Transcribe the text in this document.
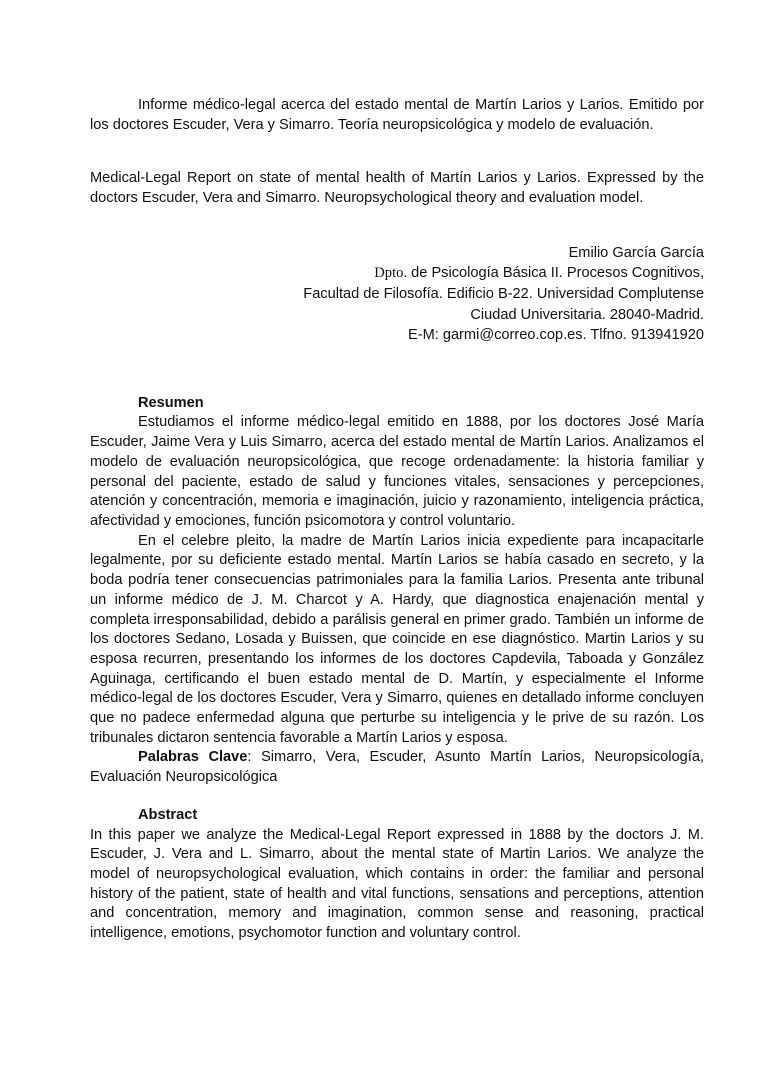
Informe médico-legal acerca del estado mental de Martín Larios y Larios. Emitido por los doctores Escuder, Vera y Simarro. Teoría neuropsicológica y modelo de evaluación.

Medical-Legal Report on state of mental health of Martín Larios y Larios. Expressed by the doctors Escuder, Vera and Simarro. Neuropsychological theory and evaluation model.

Emilio García García
Dpto. de Psicología Básica II. Procesos Cognitivos,
Facultad de Filosofía. Edificio B-22. Universidad Complutense
Ciudad Universitaria. 28040-Madrid.
E-M: garmi@correo.cop.es. Tlfno. 913941920
Resumen

Estudiamos el informe médico-legal emitido en 1888, por los doctores José María Escuder, Jaime Vera y Luis Simarro, acerca del estado mental de Martín Larios. Analizamos el modelo de evaluación neuropsicológica, que recoge ordenadamente: la historia familiar y personal del paciente, estado de salud y funciones vitales, sensaciones y percepciones, atención y concentración, memoria e imaginación, juicio y razonamiento, inteligencia práctica, afectividad y emociones, función psicomotora y control voluntario.

En el celebre pleito, la madre de Martín Larios inicia expediente para incapacitarle legalmente, por su deficiente estado mental. Martín Larios se había casado en secreto, y la boda podría tener consecuencias patrimoniales para la familia Larios. Presenta ante tribunal un informe médico de J. M. Charcot y A. Hardy, que diagnostica enajenación mental y completa irresponsabilidad, debido a parálisis general en primer grado. También un informe de los doctores Sedano, Losada y Buissen, que coincide en ese diagnóstico. Martin Larios y su esposa recurren, presentando los informes de los doctores Capdevila, Taboada y González Aguinaga, certificando el buen estado mental de D. Martín, y especialmente el Informe médico-legal de los doctores Escuder, Vera y Simarro, quienes en detallado informe concluyen que no padece enfermedad alguna que perturbe su inteligencia y le prive de su razón. Los tribunales dictaron sentencia favorable a Martín Larios y esposa.

Palabras Clave: Simarro, Vera, Escuder, Asunto Martín Larios, Neuropsicología, Evaluación Neuropsicológica

Abstract

In this paper we analyze the Medical-Legal Report expressed in 1888 by the doctors J. M. Escuder, J. Vera and L. Simarro, about the mental state of Martin Larios. We analyze the model of neuropsychological evaluation, which contains in order: the familiar and personal history of the patient, state of health and vital functions, sensations and perceptions, attention and concentration, memory and imagination, common sense and reasoning, practical intelligence, emotions, psychomotor function and voluntary control.
